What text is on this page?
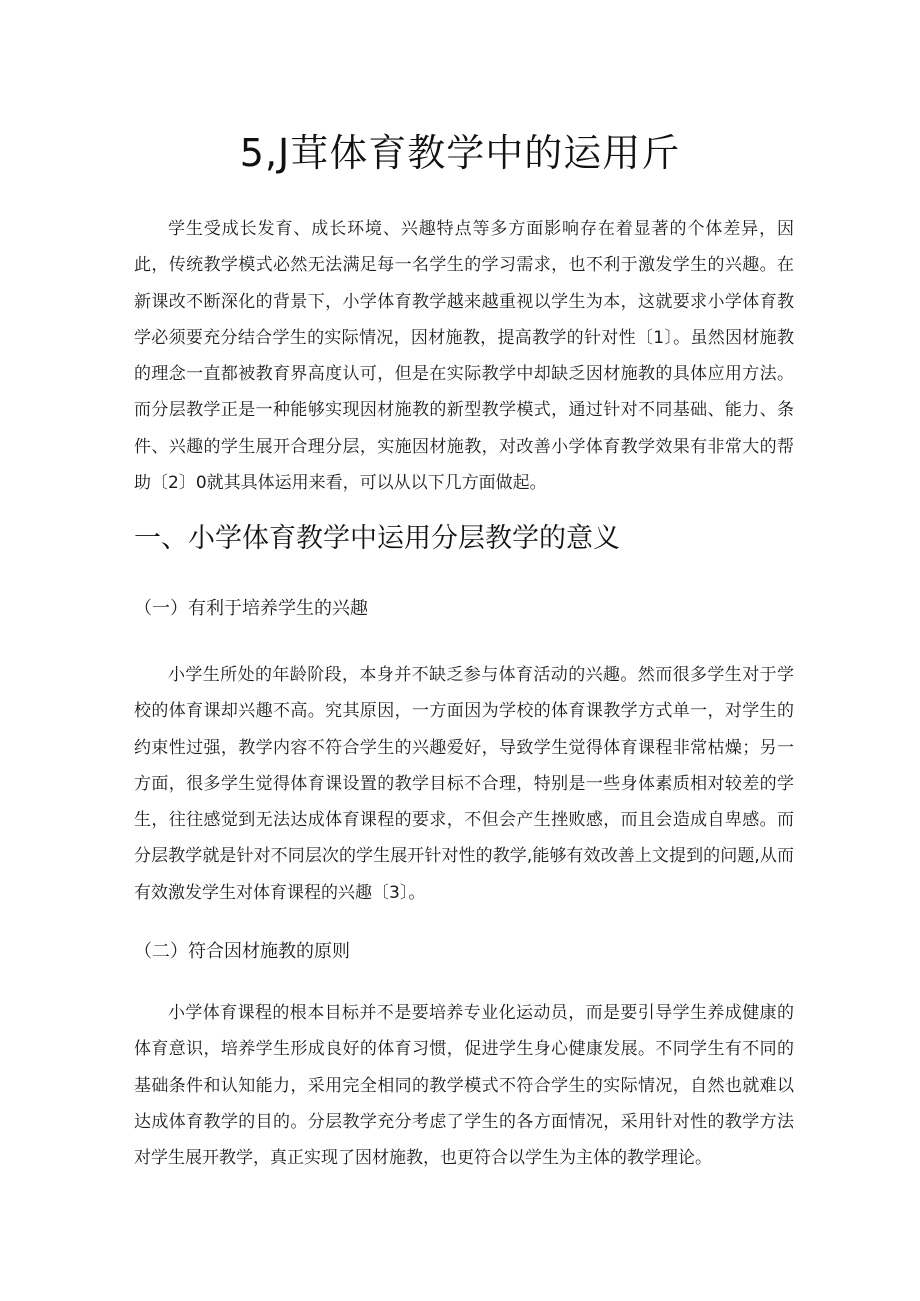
5,J茸体育教学中的运用斤

学生受成长发育、成长环境、兴趣特点等多方面影响存在着显著的个体差异，因此，传统教学模式必然无法满足每一名学生的学习需求，也不利于激发学生的兴趣。在新课改不断深化的背景下，小学体育教学越来越重视以学生为本，这就要求小学体育教学必须要充分结合学生的实际情况，因材施教，提高教学的针对性〔1〕。虽然因材施教的理念一直都被教育界高度认可，但是在实际教学中却缺乏因材施教的具体应用方法。而分层教学正是一种能够实现因材施教的新型教学模式，通过针对不同基础、能力、条件、兴趣的学生展开合理分层，实施因材施教，对改善小学体育教学效果有非常大的帮助〔2〕0就其具体运用来看，可以从以下几方面做起。

一、小学体育教学中运用分层教学的意义
（一）有利于培养学生的兴趣

小学生所处的年龄阶段，本身并不缺乏参与体育活动的兴趣。然而很多学生对于学校的体育课却兴趣不高。究其原因，一方面因为学校的体育课教学方式单一，对学生的约束性过强，教学内容不符合学生的兴趣爱好，导致学生觉得体育课程非常枯燥；另一方面，很多学生觉得体育课设置的教学目标不合理，特别是一些身体素质相对较差的学生，往往感觉到无法达成体育课程的要求，不但会产生挫败感，而且会造成自卑感。而分层教学就是针对不同层次的学生展开针对性的教学,能够有效改善上文提到的问题,从而有效激发学生对体育课程的兴趣〔3〕。

（二）符合因材施教的原则

小学体育课程的根本目标并不是要培养专业化运动员，而是要引导学生养成健康的体育意识，培养学生形成良好的体育习惯，促进学生身心健康发展。不同学生有不同的基础条件和认知能力，采用完全相同的教学模式不符合学生的实际情况，自然也就难以达成体育教学的目的。分层教学充分考虑了学生的各方面情况，采用针对性的教学方法对学生展开教学，真正实现了因材施教，也更符合以学生为主体的教学理论。
